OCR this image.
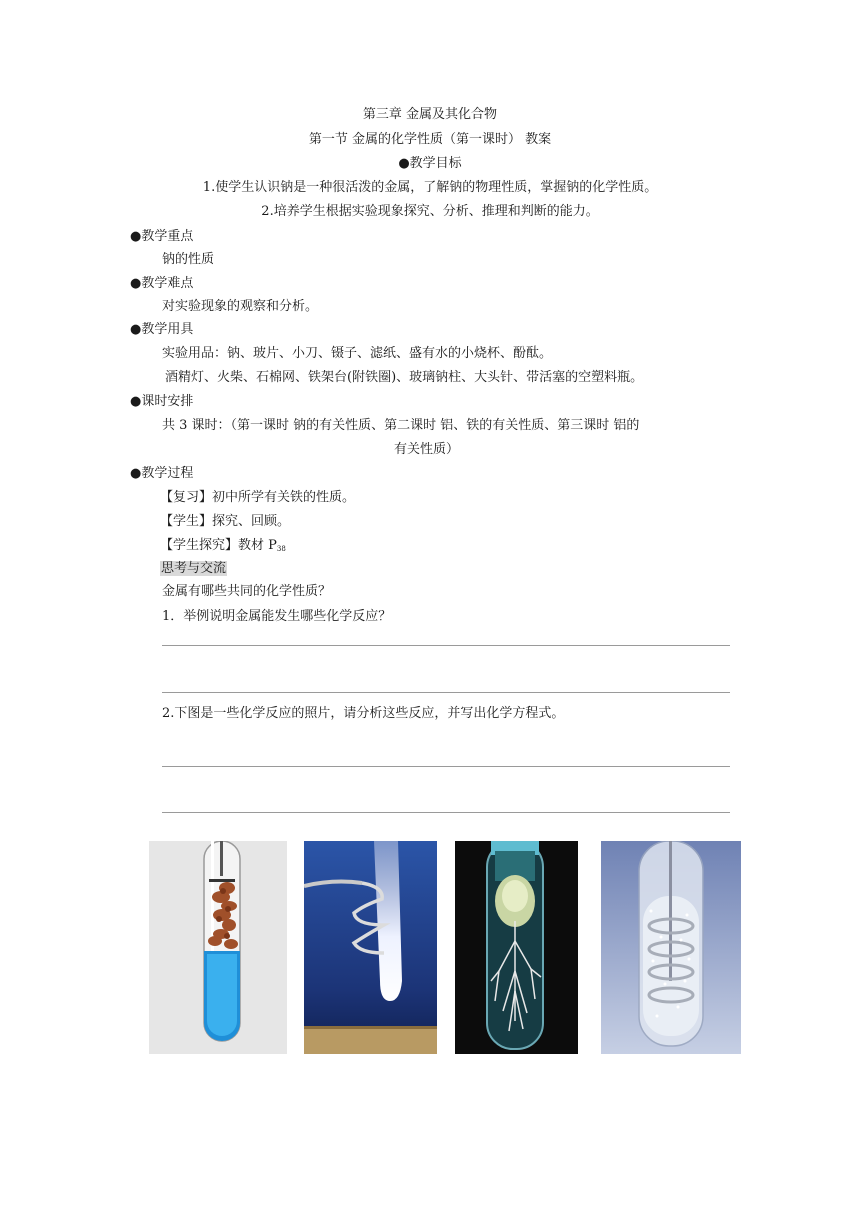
第三章 金属及其化合物
第一节 金属的化学性质（第一课时） 教案
●教学目标
1.使学生认识钠是一种很活泼的金属，了解钠的物理性质，掌握钠的化学性质。
2.培养学生根据实验现象探究、分析、推理和判断的能力。
●教学重点
钠的性质
●教学难点
对实验现象的观察和分析。
●教学用具
实验用品：钠、玻片、小刀、镊子、滤纸、盛有水的小烧杯、酚酞。
酒精灯、火柴、石棉网、铁架台(附铁圈)、玻璃钠柱、大头针、带活塞的空塑料瓶。
●课时安排
共 3 课时：（第一课时 钠的有关性质、第二课时 铝、铁的有关性质、第三课时 铝的
有关性质）
●教学过程
【复习】初中所学有关铁的性质。
【学生】探究、回顾。
【学生探究】教材 $P_{38}$
思考与交流
金属有哪些共同的化学性质？
1．举例说明金属能发生哪些化学反应？
2.下图是一些化学反应的照片，请分析这些反应，并写出化学方程式。
